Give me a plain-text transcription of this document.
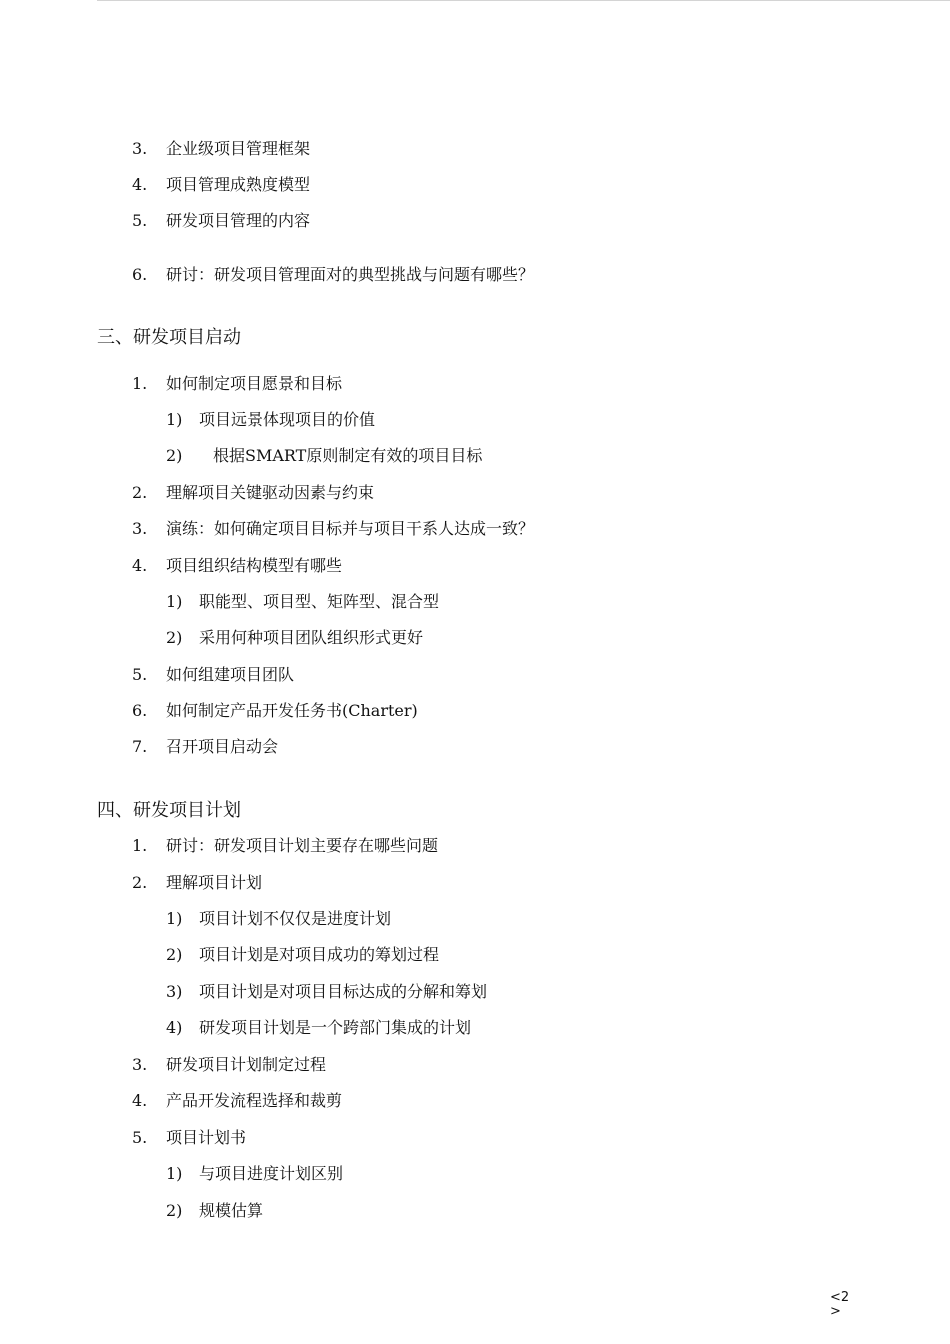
3. 企业级项目管理框架
4. 项目管理成熟度模型
5. 研发项目管理的内容
6. 研讨：研发项目管理面对的典型挑战与问题有哪些？
三、研发项目启动
1. 如何制定项目愿景和目标
1) 项目远景体现项目的价值
2) 根据SMART原则制定有效的项目目标
2. 理解项目关键驱动因素与约束
3. 演练：如何确定项目目标并与项目干系人达成一致？
4. 项目组织结构模型有哪些
1) 职能型、项目型、矩阵型、混合型
2) 采用何种项目团队组织形式更好
5. 如何组建项目团队
6. 如何制定产品开发任务书(Charter)
7. 召开项目启动会
四、研发项目计划
1. 研讨：研发项目计划主要存在哪些问题
2. 理解项目计划
1) 项目计划不仅仅是进度计划
2) 项目计划是对项目成功的筹划过程
3) 项目计划是对项目目标达成的分解和筹划
4) 研发项目计划是一个跨部门集成的计划
3. 研发项目计划制定过程
4. 产品开发流程选择和裁剪
5. 项目计划书
1) 与项目进度计划区别
2) 规模估算
<2>
